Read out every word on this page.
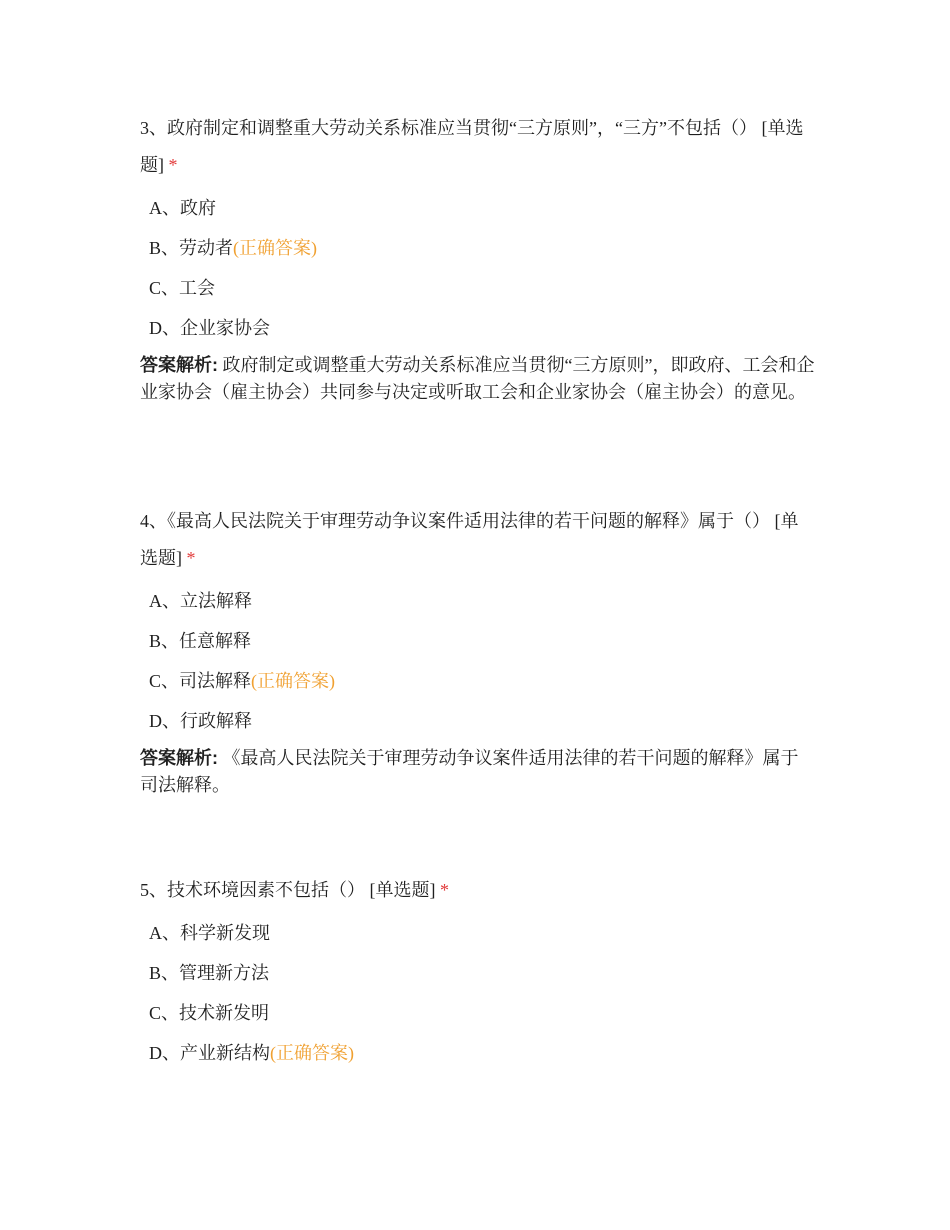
3、政府制定和调整重大劳动关系标准应当贯彻“三方原则”，“三方”不包括（） [单选题] *

A、政府
B、劳动者(正确答案)
C、工会
D、企业家协会

答案解析: 政府制定或调整重大劳动关系标准应当贯彻“三方原则”，即政府、工会和企业家协会（雇主协会）共同参与决定或听取工会和企业家协会（雇主协会）的意见。

4、《最高人民法院关于审理劳动争议案件适用法律的若干问题的解释》属于（） [单选题] *

A、立法解释
B、任意解释
C、司法解释(正确答案)
D、行政解释

答案解析: 《最高人民法院关于审理劳动争议案件适用法律的若干问题的解释》属于司法解释。

5、技术环境因素不包括（） [单选题] *

A、科学新发现
B、管理新方法
C、技术新发明
D、产业新结构(正确答案)
